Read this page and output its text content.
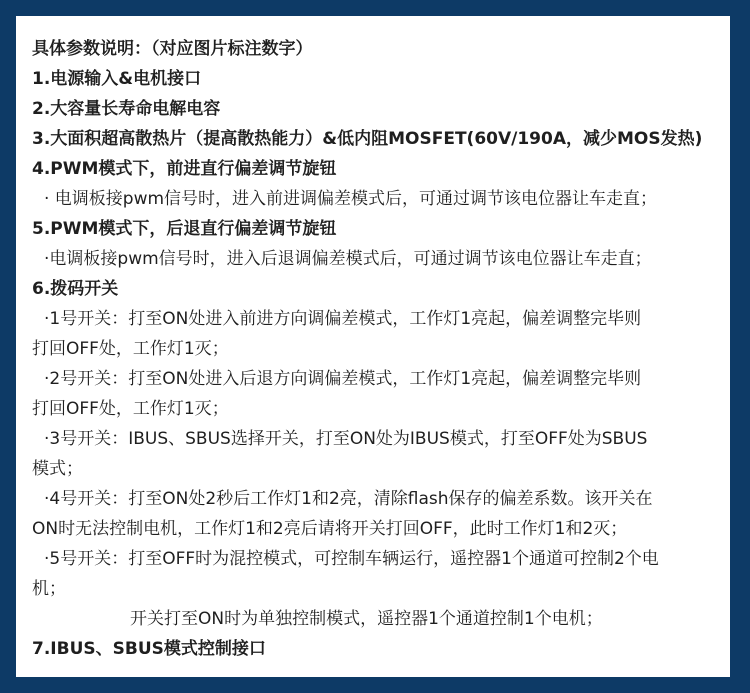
具体参数说明：（对应图片标注数字）
1.电源输入&电机接口
2.大容量长寿命电解电容
3.大面积超高散热片（提高散热能力）&低内阻MOSFET(60V/190A，减少MOS发热)
4.PWM模式下，前进直行偏差调节旋钮
· 电调板接pwm信号时，进入前进调偏差模式后，可通过调节该电位器让车走直；
5.PWM模式下，后退直行偏差调节旋钮
·电调板接pwm信号时，进入后退调偏差模式后，可通过调节该电位器让车走直；
6.拨码开关
·1号开关：打至ON处进入前进方向调偏差模式，工作灯1亮起，偏差调整完毕则
打回OFF处，工作灯1灭；
·2号开关：打至ON处进入后退方向调偏差模式，工作灯1亮起，偏差调整完毕则
打回OFF处，工作灯1灭；
·3号开关：IBUS、SBUS选择开关，打至ON处为IBUS模式，打至OFF处为SBUS
模式；
·4号开关：打至ON处2秒后工作灯1和2亮，清除flash保存的偏差系数。该开关在
ON时无法控制电机，工作灯1和2亮后请将开关打回OFF，此时工作灯1和2灭；
·5号开关：打至OFF时为混控模式，可控制车辆运行，遥控器1个通道可控制2个电
机；
开关打至ON时为单独控制模式，遥控器1个通道控制1个电机；
7.IBUS、SBUS模式控制接口
